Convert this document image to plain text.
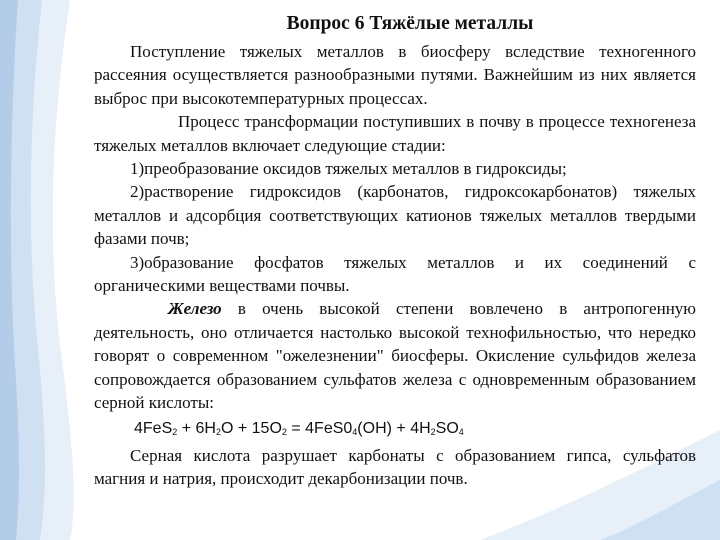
Вопрос 6 Тяжёлые металлы

Поступление тяжелых металлов в биосферу вследствие техногенного рассеяния осуществляется разнообразными путями. Важнейшим из них является выброс при высокотемпературных процессах.

Процесс трансформации поступивших в почву в процессе техногенеза тяжелых металлов включает следующие стадии:

1)преобразование оксидов тяжелых металлов в гидроксиды;

2)растворение гидроксидов (карбонатов, гидроксокарбонатов) тяжелых металлов и адсорбция соответствующих катионов тяжелых металлов твердыми фазами почв;

3)образование фосфатов тяжелых металлов и их соединений с органическими веществами почвы.

Железо в очень высокой степени вовлечено в антропогенную деятельность, оно отличается настолько высокой технофильностью, что нередко говорят о современном "ожелезнении" биосферы. Окисление сульфидов железа сопровождается образованием сульфатов железа с одновременным образованием серной кислоты:

$4FeS_2 + 6H_2O + 15O_2 = 4FeS0_4(OH) + 4H_2SO_4$

Серная кислота разрушает карбонаты с образованием гипса, сульфатов магния и натрия, происходит декарбонизации почв.
